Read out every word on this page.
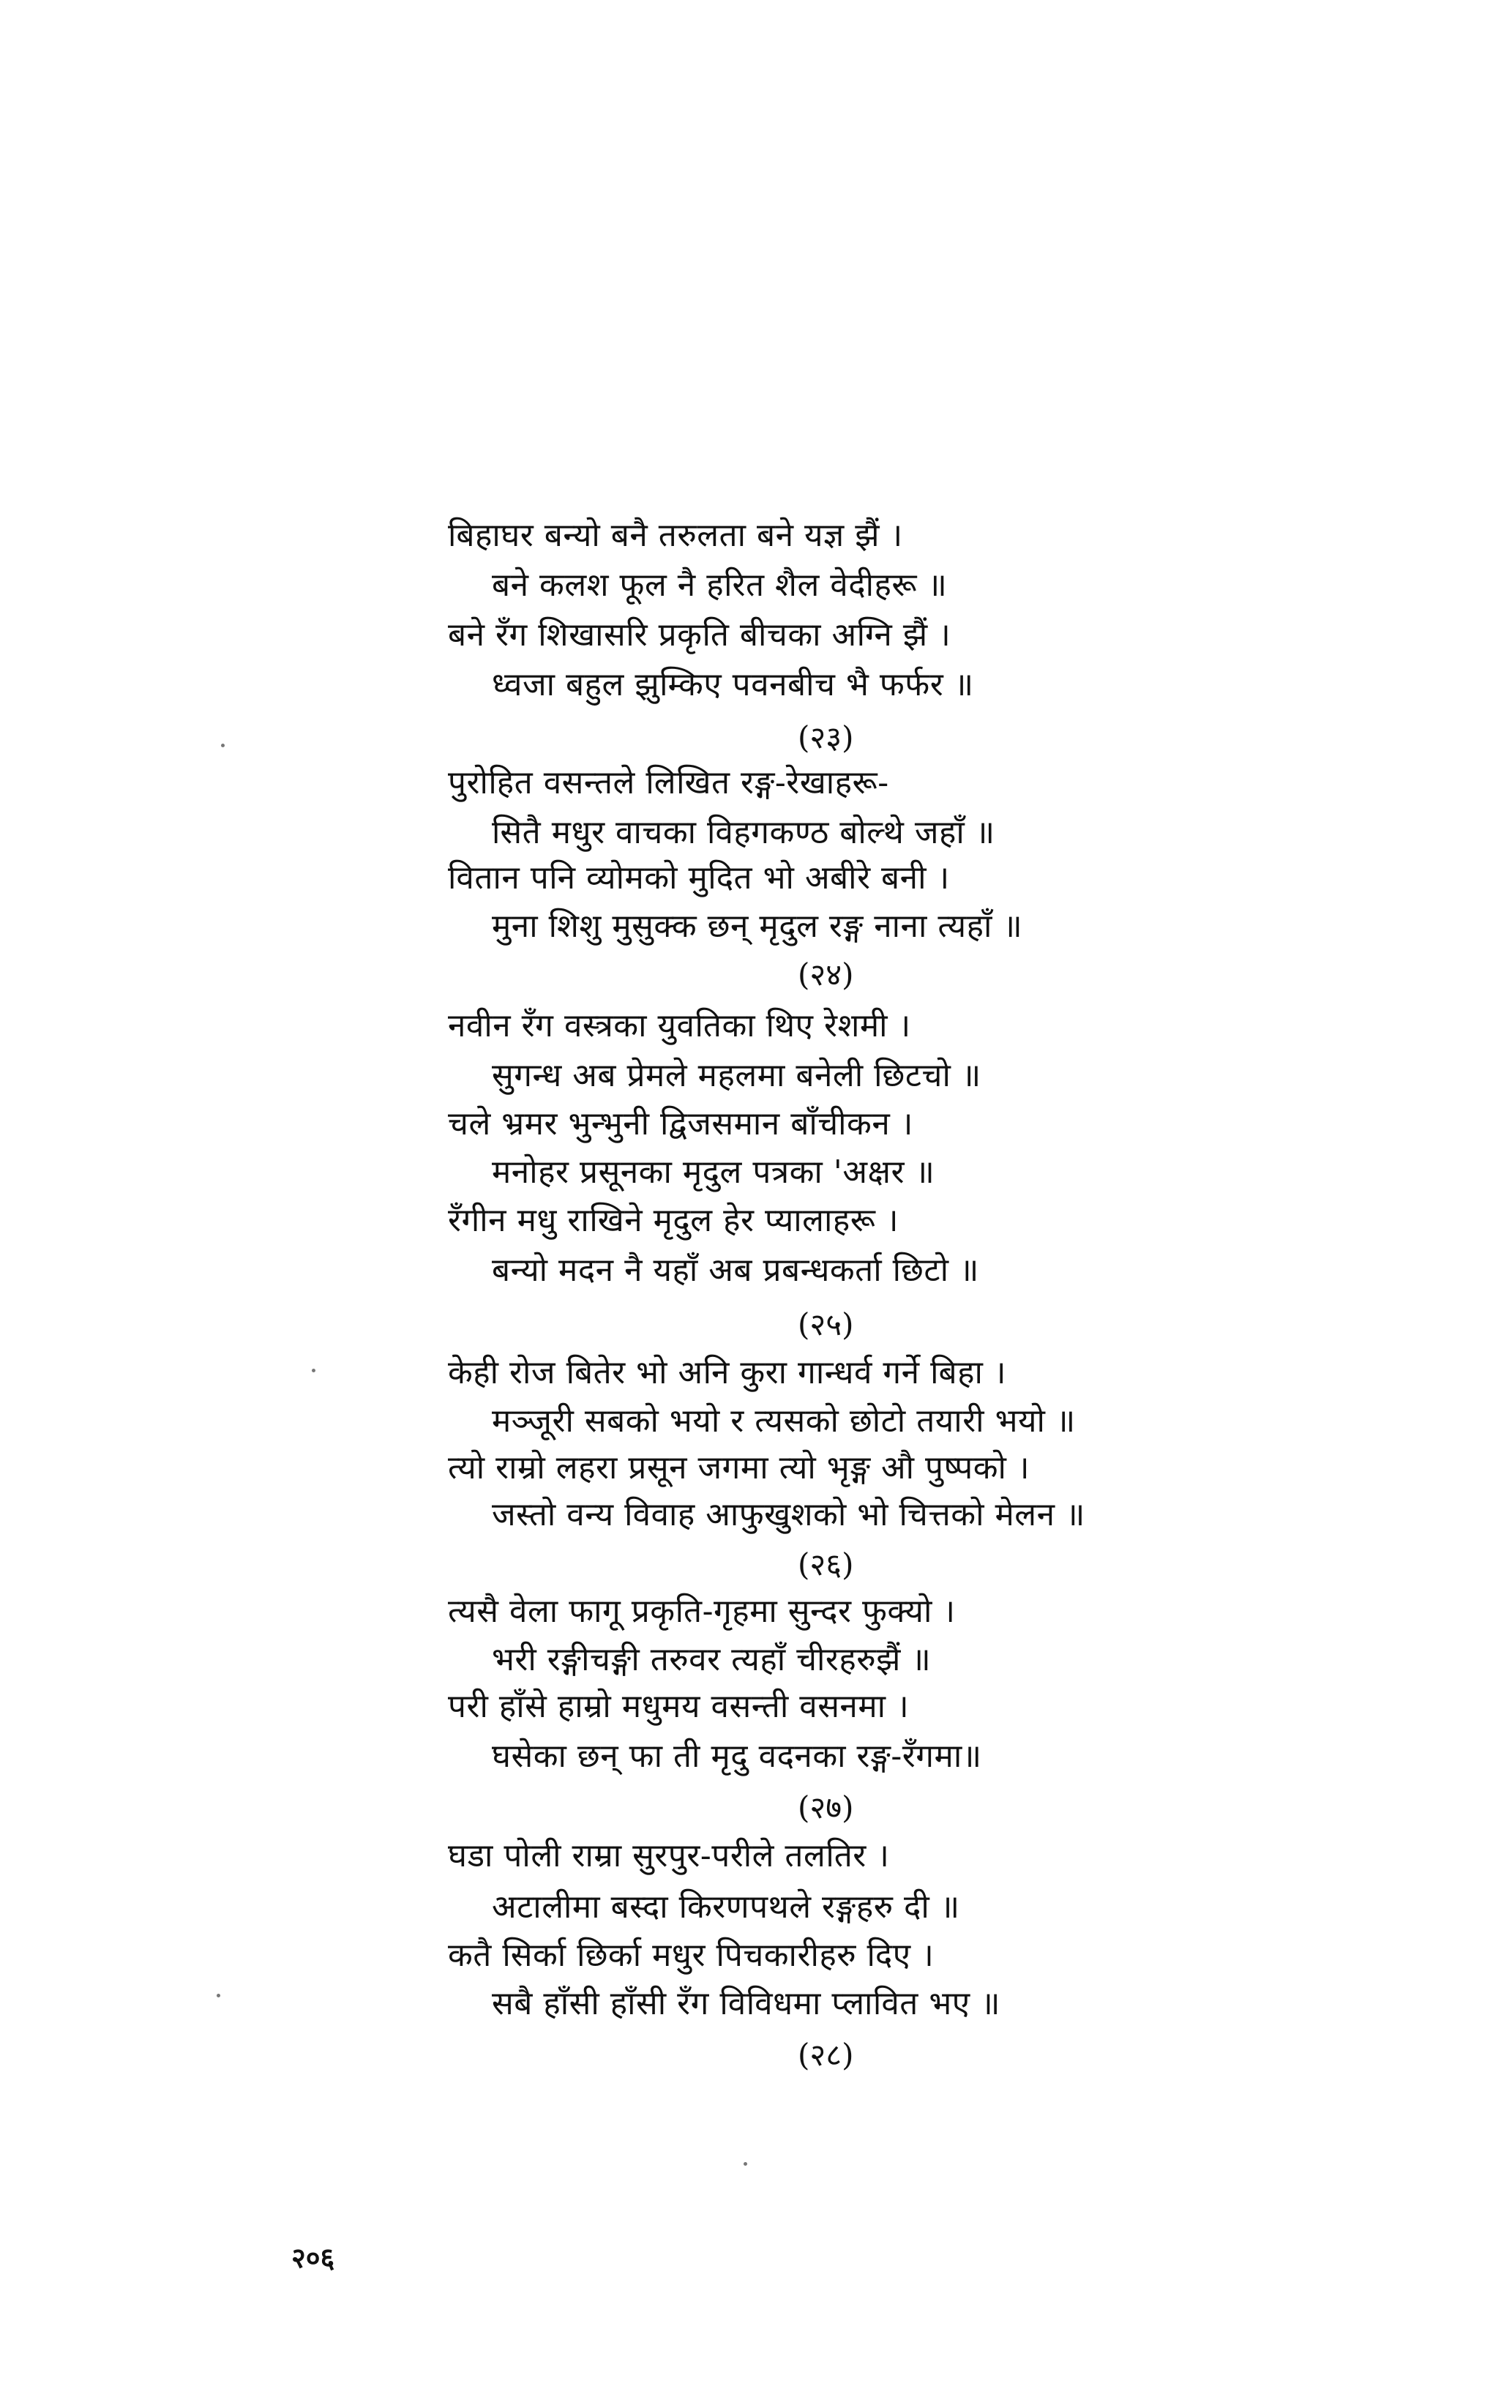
बिहाघर बन्यो बनै तरुलता बने यज्ञ झैं ।
बने कलश फूल नै हरित शैल वेदीहरू ॥
बने रँग शिखासरि प्रकृति बीचका अग्नि झैं ।
ध्वजा बहुल झुम्किए पवनबीच भै फर्फर ॥
(२३)
पुरोहित वसन्तले लिखित रङ्ग-रेखाहरू-
सितै मधुर वाचका विहगकण्ठ बोल्थे जहाँ ॥
वितान पनि व्योमको मुदित भो अबीरे बनी ।
मुना शिशु मुसुक्क छन् मृदुल रङ्ग नाना त्यहाँ ॥
(२४)
नवीन रँग वस्त्रका युवतिका थिए रेशमी ।
सुगन्ध अब प्रेमले महलमा बनेली छिटचो ॥
चले भ्रमर भुन्भुनी द्विजसमान बाँचीकन ।
मनोहर प्रसूनका मृदुल पत्रका 'अक्षर ॥
रँगीन मधु राखिने मृदुल हेर प्यालाहरू ।
बन्यो मदन नै यहाँ अब प्रबन्धकर्ता छिटो ॥
(२५)
केही रोज बितेर भो अनि कुरा गान्धर्व गर्ने बिहा ।
मञ्जूरी सबको भयो र त्यसको छोटो तयारी भयो ॥
त्यो राम्रो लहरा प्रसून जगमा त्यो भृङ्ग औ पुष्पको ।
जस्तो वन्य विवाह आफुखुशको भो चित्तको मेलन ॥
(२६)
त्यसै वेला फागू प्रकृति-गृहमा सुन्दर फुक्यो ।
भरी रङ्गीचङ्गी तरुवर त्यहाँ चीरहरुझैं ॥
परी हाँसे हाम्रो मधुमय वसन्ती वसनमा ।
घसेका छन् फा ती मृदु वदनका रङ्ग-रँगमा॥
(२७)
घडा पोली राम्रा सुरपुर-परीले तलतिर ।
अटालीमा बस्दा किरणपथले रङ्गहरु दी ॥
कतै सिर्का छिर्का मधुर पिचकारीहरु दिए ।
सबै हाँसी हाँसी रँग विविधमा प्लावित भए ॥
(२८)
२०६
